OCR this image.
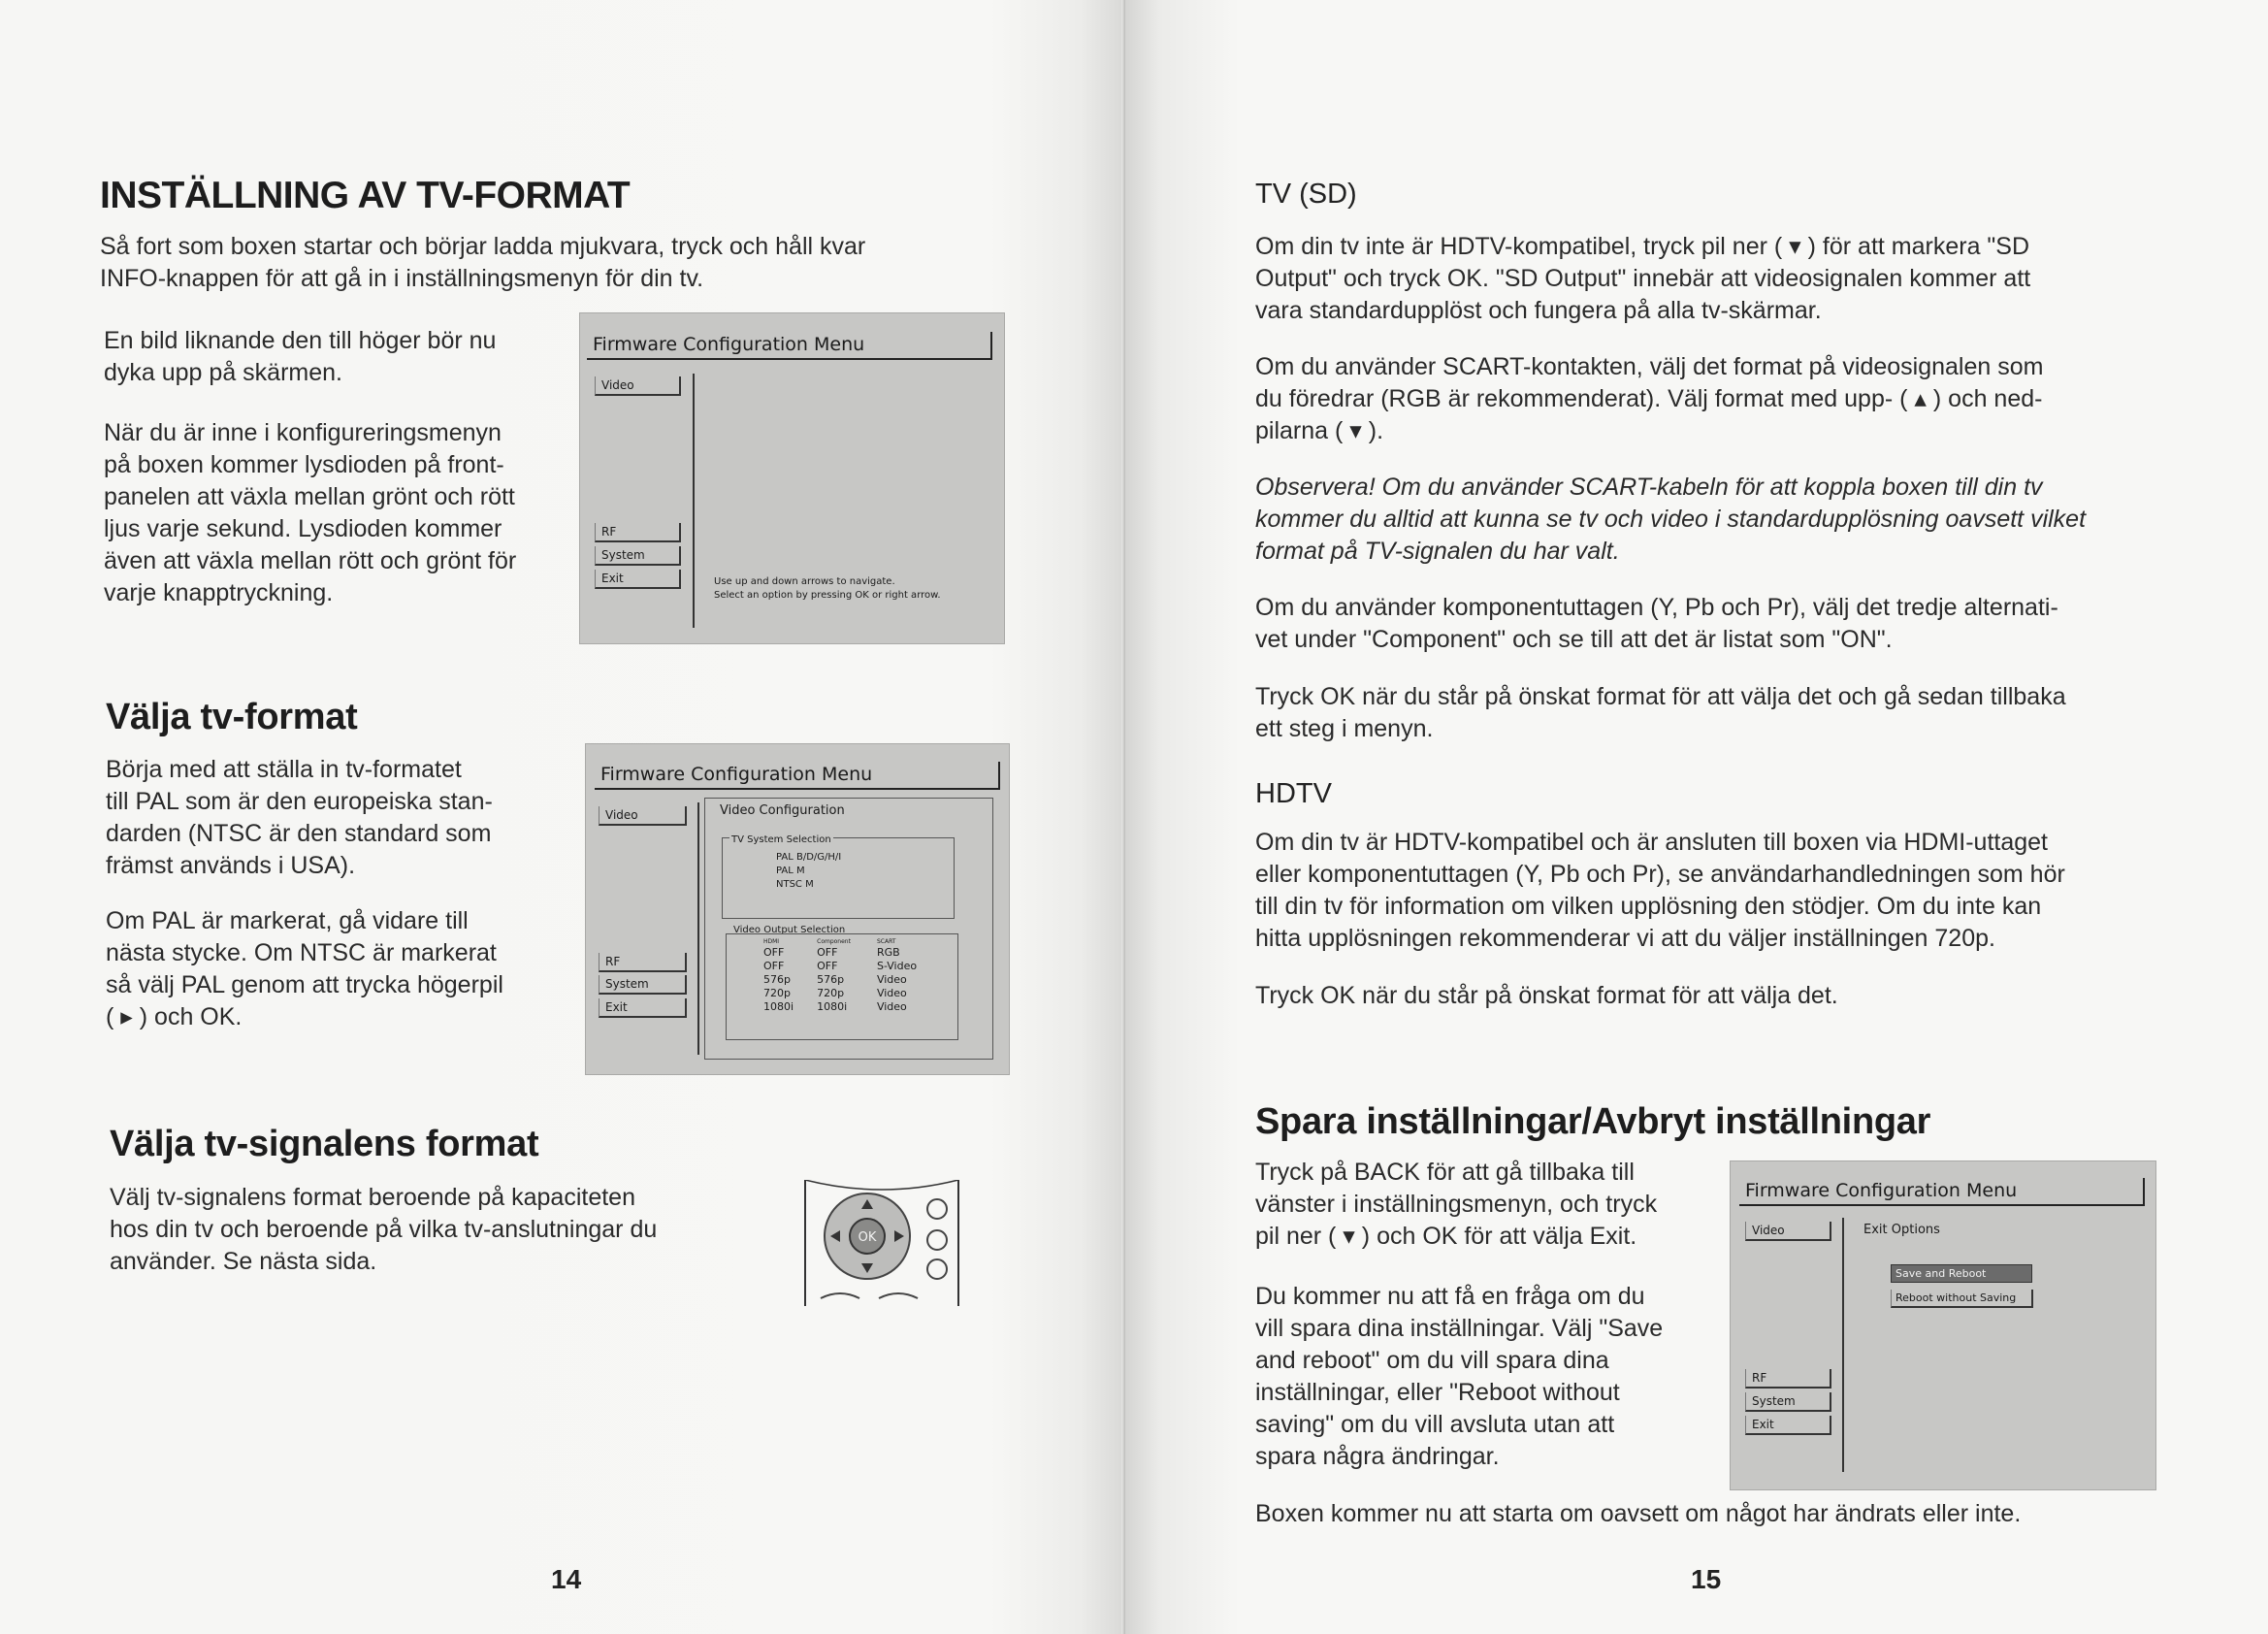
INSTÄLLNING AV TV-FORMAT

Så fort som boxen startar och börjar ladda mjukvara, tryck och håll kvar
INFO-knappen för att gå in i inställningsmenyn för din tv.

En bild liknande den till höger bör nu
dyka upp på skärmen.

När du är inne i konfigureringsmenyn
på boxen kommer lysdioden på front-
panelen att växla mellan grönt och rött
ljus varje sekund. Lysdioden kommer
även att växla mellan rött och grönt för
varje knapptryckning.

Firmware Configuration Menu
Video
RF
System
Exit	Use up and down arrows to navigate.
Select an option by pressing OK or right arrow.
Välja tv-format

Börja med att ställa in tv-formatet
till PAL som är den europeiska stan-
darden (NTSC är den standard som
främst används i USA).

Om PAL är markerat, gå vidare till
nästa stycke. Om NTSC är markerat
så välj PAL genom att trycka högerpil
( ▸ ) och OK.

Firmware Configuration Menu
Video
RF
System
Exit
Video Configuration
TV System Selection
PAL B/D/G/H/I
PAL M
NTSC M
Video Output Selection
HDMI	Component	SCART
OFF	OFF	RGB
OFF	OFF	S-Video
576p	576p	Video
720p	720p	Video
1080i	1080i	Video
Välja tv-signalens format

Välj tv-signalens format beroende på kapaciteten
hos din tv och beroende på vilka tv-anslutningar du
använder. Se nästa sida.

OK
14
TV (SD)

Om din tv inte är HDTV-kompatibel, tryck pil ner ( ▾ ) för att markera "SD
Output" och tryck OK. "SD Output" innebär att videosignalen kommer att
vara standardupplöst och fungera på alla tv-skärmar.

Om du använder SCART-kontakten, välj det format på videosignalen som
du föredrar (RGB är rekommenderat). Välj format med upp- ( ▴ ) och ned-
pilarna ( ▾ ).

Observera! Om du använder SCART-kabeln för att koppla boxen till din tv
kommer du alltid att kunna se tv och video i standardupplösning oavsett vilket
format på TV-signalen du har valt.

Om du använder komponentuttagen (Y, Pb och Pr), välj det tredje alternati-
vet under "Component" och se till att det är listat som "ON".

Tryck OK när du står på önskat format för att välja det och gå sedan tillbaka
ett steg i menyn.

HDTV

Om din tv är HDTV-kompatibel och är ansluten till boxen via HDMI-uttaget
eller komponentuttagen (Y, Pb och Pr), se användarhandledningen som hör
till din tv för information om vilken upplösning den stödjer. Om du inte kan
hitta upplösningen rekommenderar vi att du väljer inställningen 720p.

Tryck OK när du står på önskat format för att välja det.

Spara inställningar/Avbryt inställningar

Tryck på BACK för att gå tillbaka till
vänster i inställningsmenyn, och tryck
pil ner ( ▾ ) och OK för att välja Exit.

Du kommer nu att få en fråga om du
vill spara dina inställningar. Välj "Save
and reboot" om du vill spara dina
inställningar, eller "Reboot without
saving" om du vill avsluta utan att
spara några ändringar.

Firmware Configuration Menu
Video
RF
System
Exit
Exit Options
Save and Reboot
Reboot without Saving

Boxen kommer nu att starta om oavsett om något har ändrats eller inte.

15
